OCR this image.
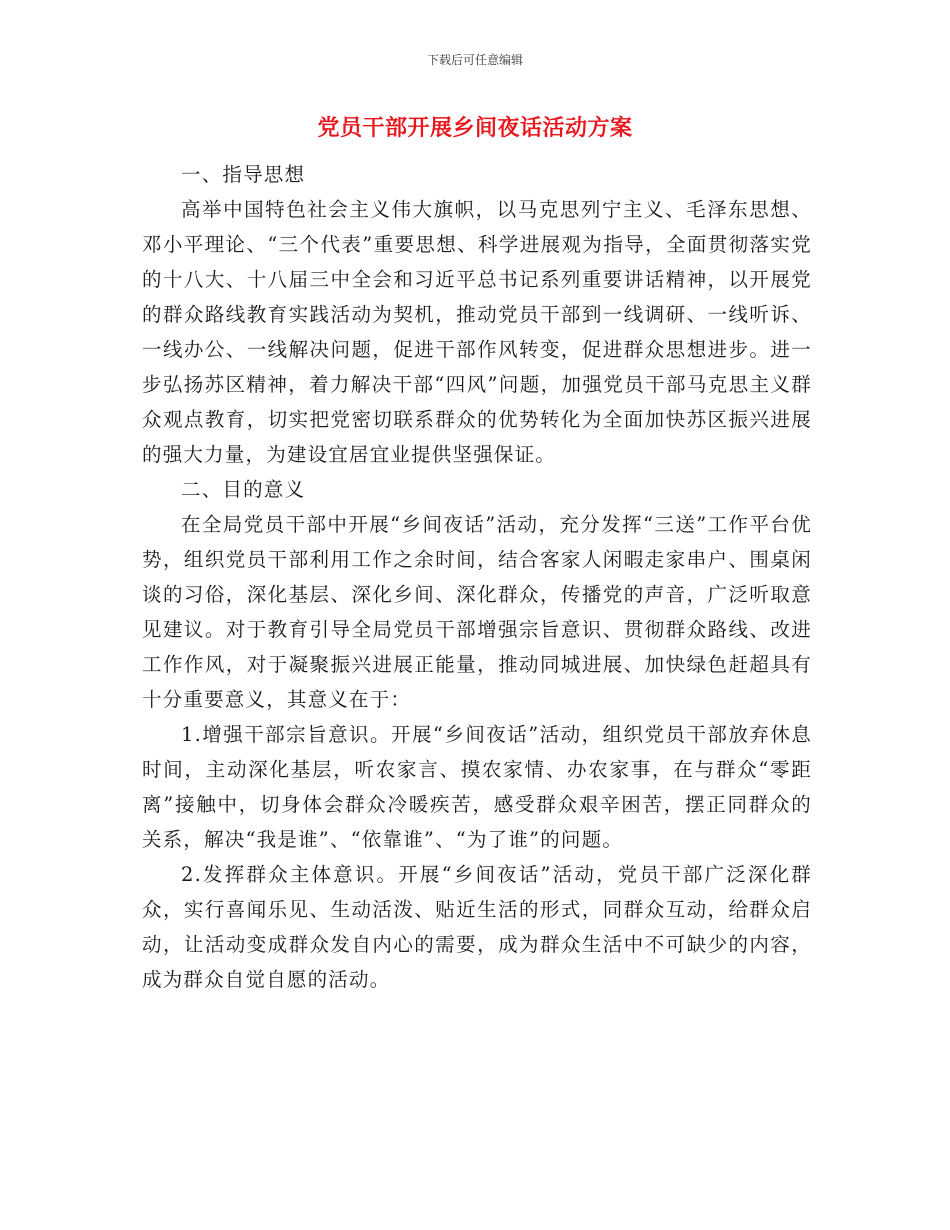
下载后可任意编辑
党员干部开展乡间夜话活动方案

一、指导思想

高举中国特色社会主义伟大旗帜，以马克思列宁主义、毛泽东思想、邓小平理论、“三个代表”重要思想、科学进展观为指导，全面贯彻落实党的十八大、十八届三中全会和习近平总书记系列重要讲话精神，以开展党的群众路线教育实践活动为契机，推动党员干部到一线调研、一线听诉、一线办公、一线解决问题，促进干部作风转变，促进群众思想进步。进一步弘扬苏区精神，着力解决干部“四风”问题，加强党员干部马克思主义群众观点教育，切实把党密切联系群众的优势转化为全面加快苏区振兴进展的强大力量，为建设宜居宜业提供坚强保证。

二、目的意义

在全局党员干部中开展“乡间夜话”活动，充分发挥“三送”工作平台优势，组织党员干部利用工作之余时间，结合客家人闲暇走家串户、围桌闲谈的习俗，深化基层、深化乡间、深化群众，传播党的声音，广泛听取意见建议。对于教育引导全局党员干部增强宗旨意识、贯彻群众路线、改进工作作风，对于凝聚振兴进展正能量，推动同城进展、加快绿色赶超具有十分重要意义，其意义在于：

1.增强干部宗旨意识。开展“乡间夜话”活动，组织党员干部放弃休息时间，主动深化基层，听农家言、摸农家情、办农家事，在与群众“零距离”接触中，切身体会群众冷暖疾苦，感受群众艰辛困苦，摆正同群众的关系，解决“我是谁”、“依靠谁”、“为了谁”的问题。

2.发挥群众主体意识。开展“乡间夜话”活动，党员干部广泛深化群众，实行喜闻乐见、生动活泼、贴近生活的形式，同群众互动，给群众启动，让活动变成群众发自内心的需要，成为群众生活中不可缺少的内容，成为群众自觉自愿的活动。
